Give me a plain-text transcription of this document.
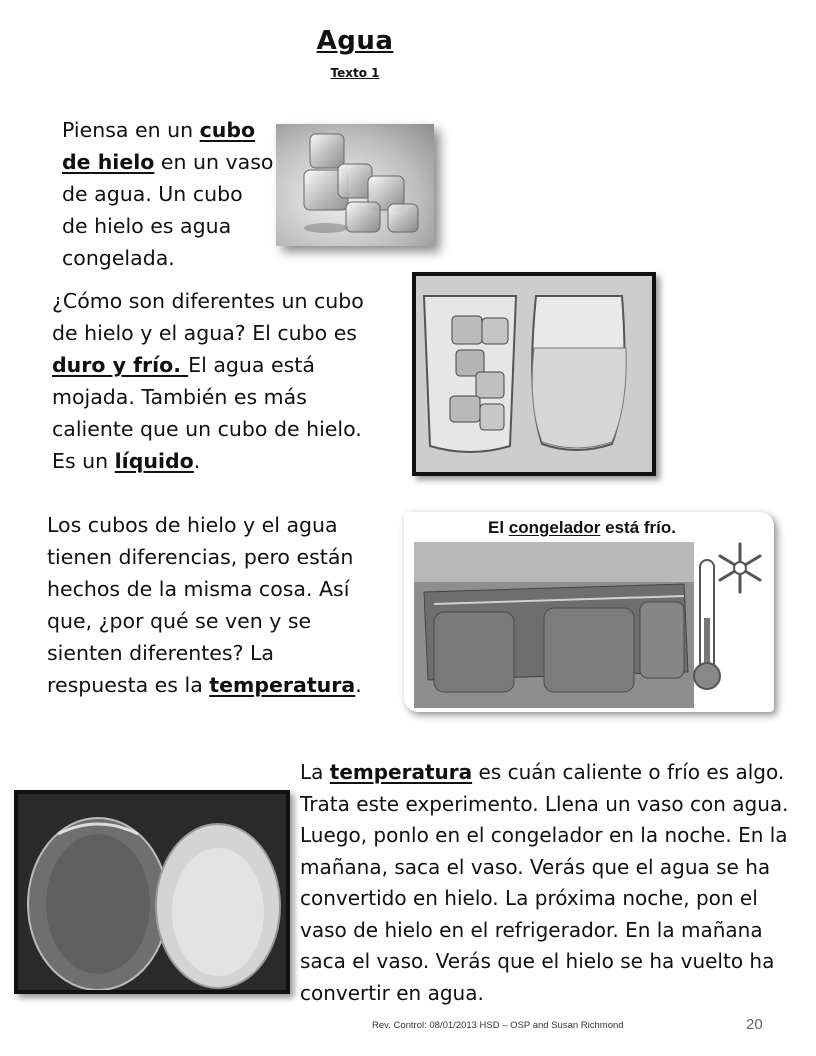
Agua
Texto 1
Piensa en un cubo de hielo en un vaso de agua. Un cubo de hielo es agua congelada.
¿Cómo son diferentes un cubo de hielo y el agua? El cubo es duro y frío. El agua está mojada. También es más caliente que un cubo de hielo. Es un líquido.
Los cubos de hielo y el agua tienen diferencias, pero están hechos de la misma cosa. Así que, ¿por qué se ven y se sienten diferentes? La respuesta es la temperatura.
El congelador está frío.
La temperatura es cuán caliente o frío es algo. Trata este experimento. Llena un vaso con agua. Luego, ponlo en el congelador en la noche. En la mañana, saca el vaso. Verás que el agua se ha convertido en hielo. La próxima noche, pon el vaso de hielo en el refrigerador. En la mañana saca el vaso. Verás que el hielo se ha vuelto ha convertir en agua.
Rev. Control: 08/01/2013 HSD – OSP and Susan Richmond	20
